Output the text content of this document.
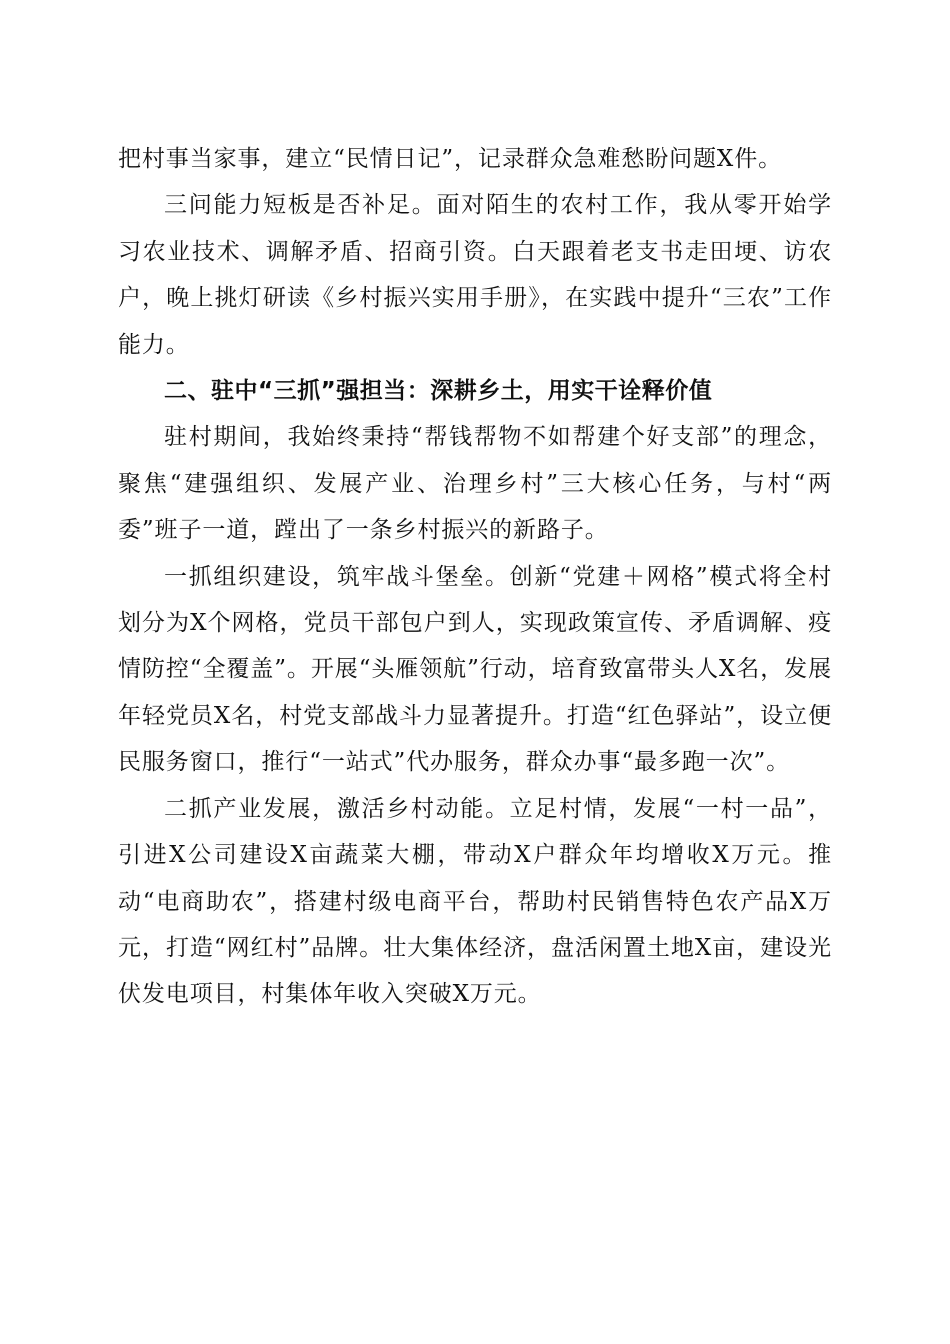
把村事当家事，建立“民情日记”，记录群众急难愁盼问题X件。

三问能力短板是否补足。面对陌生的农村工作，我从零开始学习农业技术、调解矛盾、招商引资。白天跟着老支书走田埂、访农户，晚上挑灯研读《乡村振兴实用手册》，在实践中提升“三农”工作能力。

二、驻中“三抓”强担当：深耕乡土，用实干诠释价值

驻村期间，我始终秉持“帮钱帮物不如帮建个好支部”的理念，聚焦“建强组织、发展产业、治理乡村”三大核心任务，与村“两委”班子一道，蹚出了一条乡村振兴的新路子。

一抓组织建设，筑牢战斗堡垒。创新“党建＋网格”模式将全村划分为X个网格，党员干部包户到人，实现政策宣传、矛盾调解、疫情防控“全覆盖”。开展“头雁领航”行动，培育致富带头人X名，发展年轻党员X名，村党支部战斗力显著提升。打造“红色驿站”，设立便民服务窗口，推行“一站式”代办服务，群众办事“最多跑一次”。

二抓产业发展，激活乡村动能。立足村情，发展“一村一品”，引进X公司建设X亩蔬菜大棚，带动X户群众年均增收X万元。推动“电商助农”，搭建村级电商平台，帮助村民销售特色农产品X万元，打造“网红村”品牌。壮大集体经济，盘活闲置土地X亩，建设光伏发电项目，村集体年收入突破X万元。
